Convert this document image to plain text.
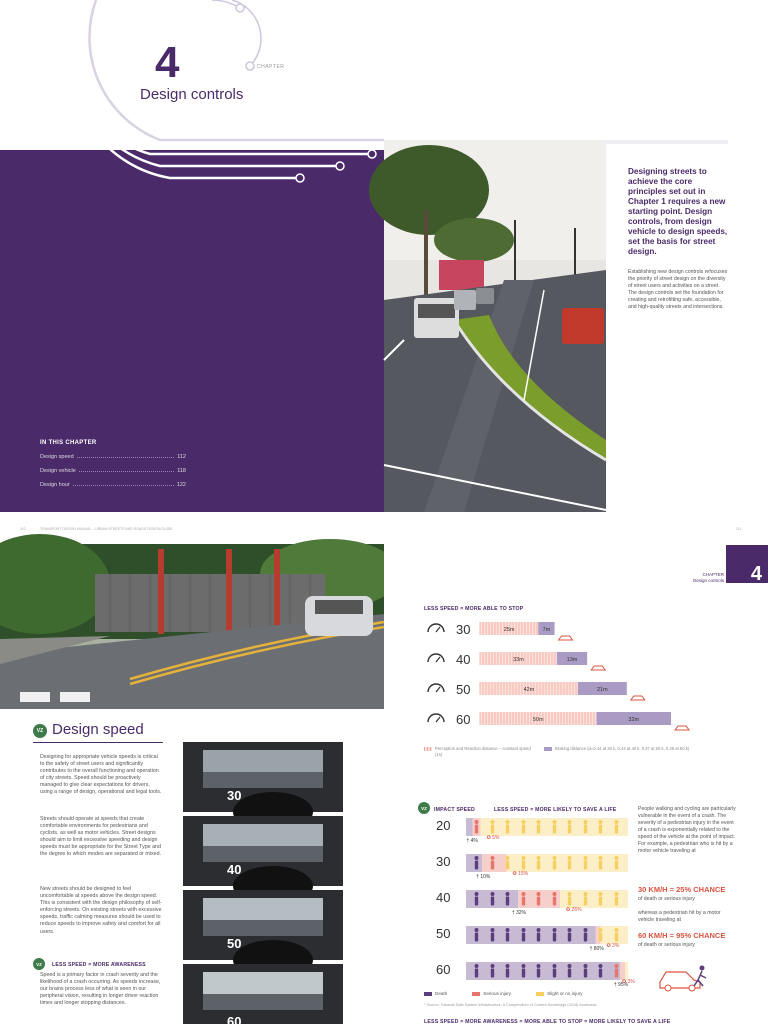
4	CHAPTER
Design controls
IN THIS CHAPTER
Design speed	112
Design vehicle	118
Design hour	122
111
Designing streets to achieve the core principles set out in Chapter 1 requires a new starting point. Design controls, from design vehicle to design speeds, set the basis for street design.
Establishing new design controls refocuses the priority of street design on the diversity of street users and activities on a street. The design controls set the foundation for creating and retrofitting safe, accessible, and high-quality streets and intersections.
110	TRANSPORT DESIGN MANUAL – URBAN STREETS AND ROADS DESIGN GUIDE
VZ Design speed
Designing for appropriate vehicle speeds is critical to the safety of street users and significantly contributes to the overall functioning and operation of city streets. Speed should be proactively managed to give clear expectations for drivers, using a range of design, operational and legal tools.
Streets should operate at speeds that create comfortable environments for pedestrians and cyclists, as well as motor vehicles. Street designs should aim to limit excessive speeding and design speeds must be appropriate for the Street Type and the degree to which modes are separated or mixed.
New streets should be designed to feel uncomfortable at speeds above the design speed. This is consistent with the design philosophy of self-enforcing streets. On existing streets with excessive speeds, traffic calming measures should be used to reduce speeds to improve safety and comfort for all users.
VZ	LESS SPEED = MORE AWARENESS
Speed is a primary factor in crash severity and the likelihood of a crash occurring. As speeds increase, our brains process less of what is seen in our peripheral vision, resulting in longer driver reaction times and longer stopping distances.
30
40
50
60
4
CHAPTER
Design controls
LESS SPEED = MORE ABLE TO STOP
30	25m	7m
40	33m	13m
50	42m	21m
60	50m	32m
Perception and Reaction distance – constant speed (1s)
Braking distance (d=0.44 at 30 k, 0.44 at 40 k, 0.47 at 50 k, 0.45 at 60 k)
VZ	IMPACT SPEED	LESS SPEED = MORE LIKELY TO SAVE A LIFE
20
† 4% ✪ 5%
30
† 10%	✪ 15%
40
† 32%	✪ 26%
50
† 80% ✪ 3%
60
† 95%
✪ 3%
Death	Serious injury	Slight or no injury
* Source: Towards Safe System Infrastructure: A Compendium of Current Knowledge (2018) Austroads
People walking and cycling are particularly vulnerable in the event of a crash. The severity of a pedestrian injury in the event of a crash is exponentially related to the speed of the vehicle at the point of impact. For example, a pedestrian who is hit by a motor vehicle traveling at
30 KM/H = 25% CHANCE
of death or serious injury
whereas a pedestrian hit by a motor vehicle traveling at
60 KM/H = 95% CHANCE
of death or serious injury
LESS SPEED = MORE AWARENESS = MORE ABLE TO STOP = MORE LIKELY TO SAVE A LIFE
